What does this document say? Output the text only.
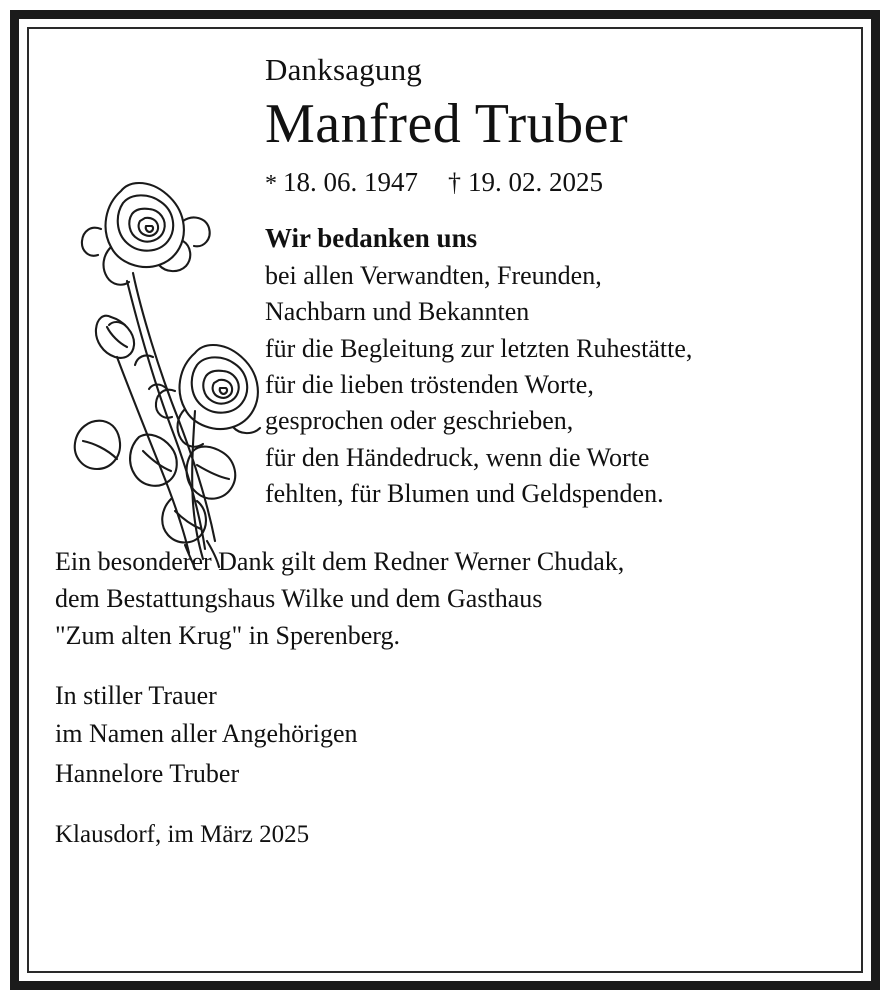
Danksagung
Manfred Truber
* 18. 06. 1947 † 19. 02. 2025
Wir bedanken uns
bei allen Verwandten, Freunden,
Nachbarn und Bekannten
für die Begleitung zur letzten Ruhestätte,
für die lieben tröstenden Worte,
gesprochen oder geschrieben,
für den Händedruck, wenn die Worte
fehlten, für Blumen und Geldspenden.
Ein besonderer Dank gilt dem Redner Werner Chudak,
dem Bestattungshaus Wilke und dem Gasthaus
"Zum alten Krug" in Sperenberg.
In stiller Trauer
im Namen aller Angehörigen
Hannelore Truber
Klausdorf, im März 2025
